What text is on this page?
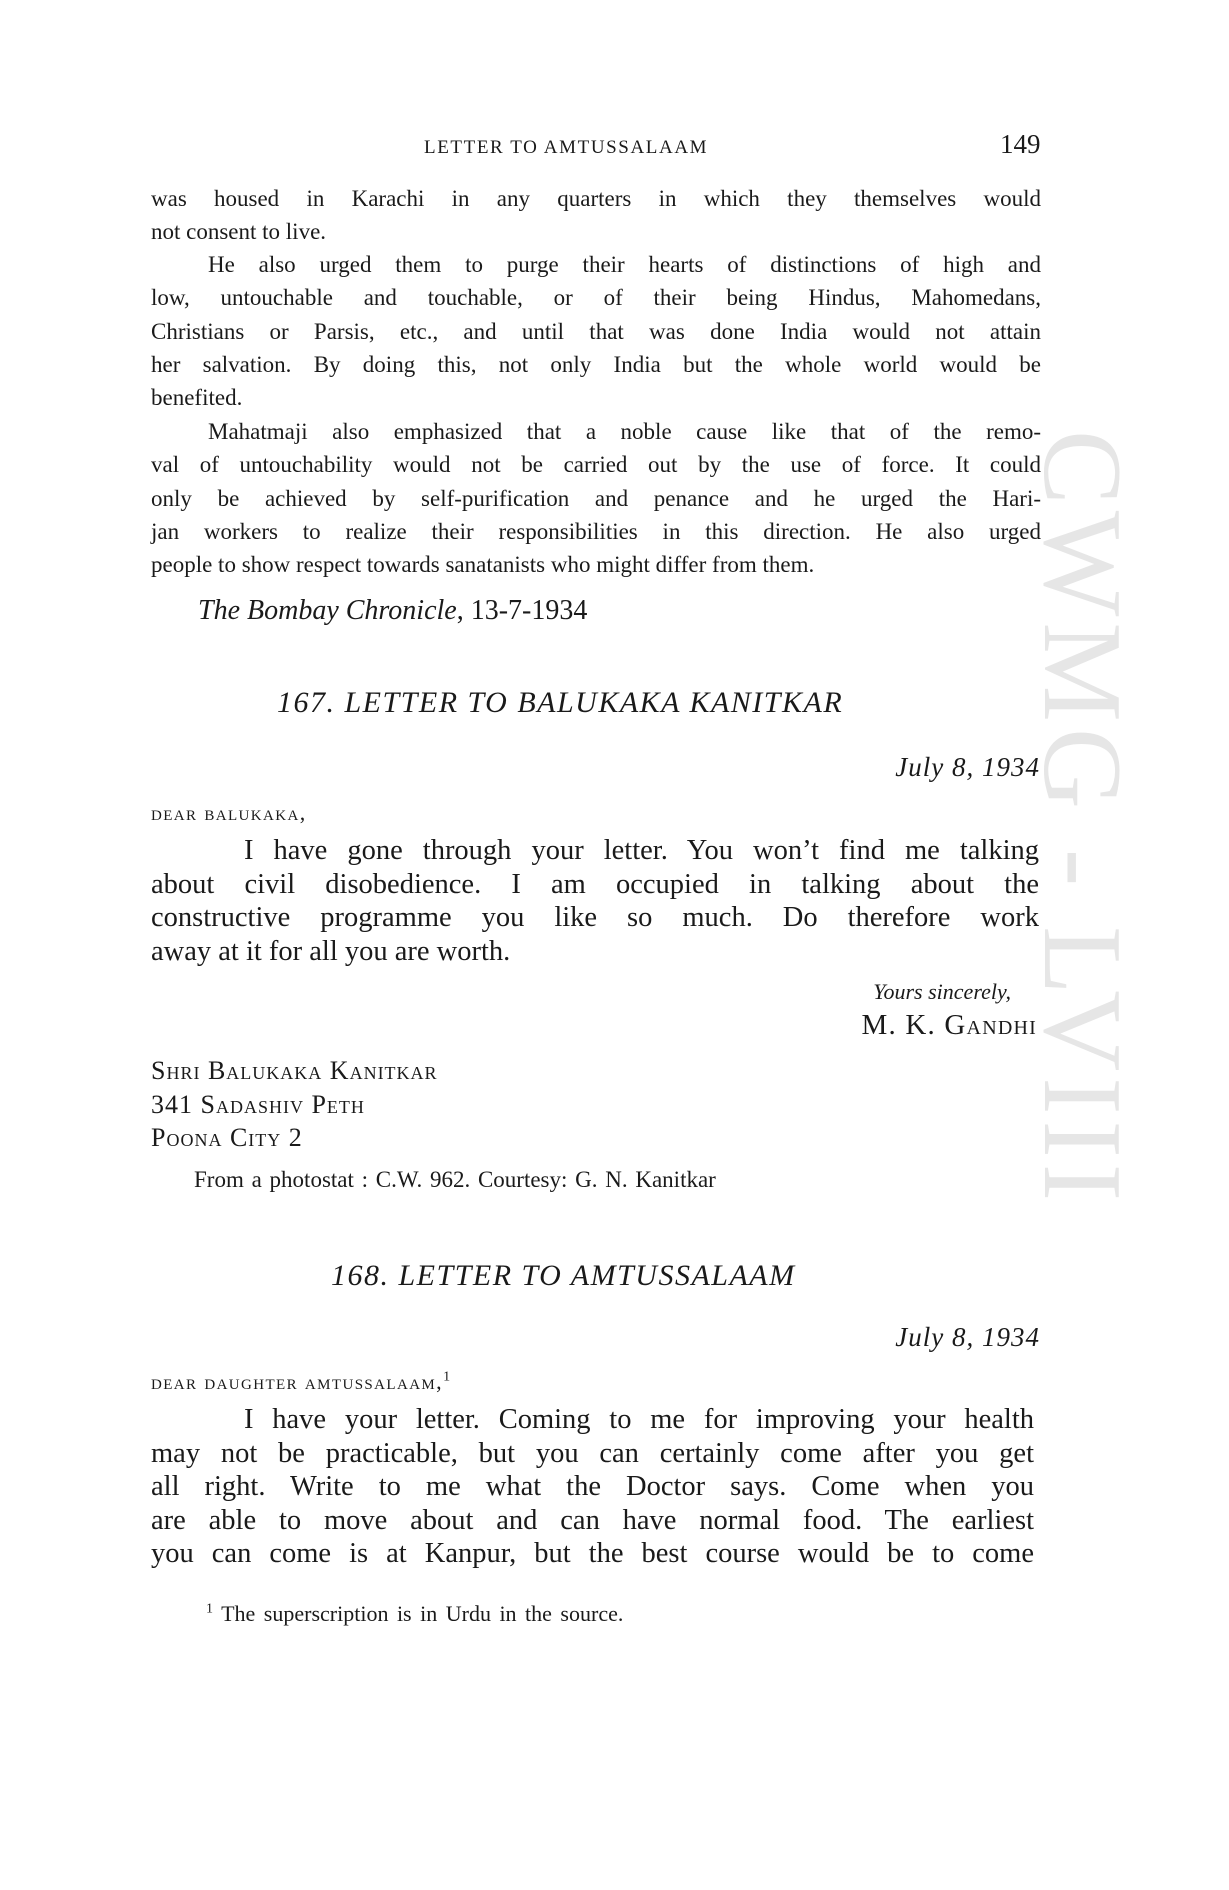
CWMG - LVIII
LETTER TO AMTUSSALAAM	149
was housed in Karachi in any quarters in which they themselves would
not consent to live.
He also urged them to purge their hearts of distinctions of high and
low, untouchable and touchable, or of their being Hindus, Mahomedans,
Christians or Parsis, etc., and until that was done India would not attain
her salvation. By doing this, not only India but the whole world would be
benefited.
Mahatmaji also emphasized that a noble cause like that of the remo-
val of untouchability would not be carried out by the use of force. It could
only be achieved by self-purification and penance and he urged the Hari-
jan workers to realize their responsibilities in this direction. He also urged
people to show respect towards sanatanists who might differ from them.
The Bombay Chronicle, 13-7-1934
167. LETTER TO BALUKAKA KANITKAR
July 8, 1934
dear balukaka,
I have gone through your letter. You won’t find me talking
about civil disobedience. I am occupied in talking about the
constructive programme you like so much. Do therefore work
away at it for all you are worth.
Yours sincerely,
M. K. Gandhi
Shri Balukaka Kanitkar
341 Sadashiv Peth
Poona City 2
From a photostat : C.W. 962. Courtesy: G. N. Kanitkar
168. LETTER TO AMTUSSALAAM
July 8, 1934
dear daughter amtussalaam,$^1$
I have your letter. Coming to me for improving your health
may not be practicable, but you can certainly come after you get
all right. Write to me what the Doctor says. Come when you
are able to move about and can have normal food. The earliest
you can come is at Kanpur, but the best course would be to come
$^1$ The superscription is in Urdu in the source.
